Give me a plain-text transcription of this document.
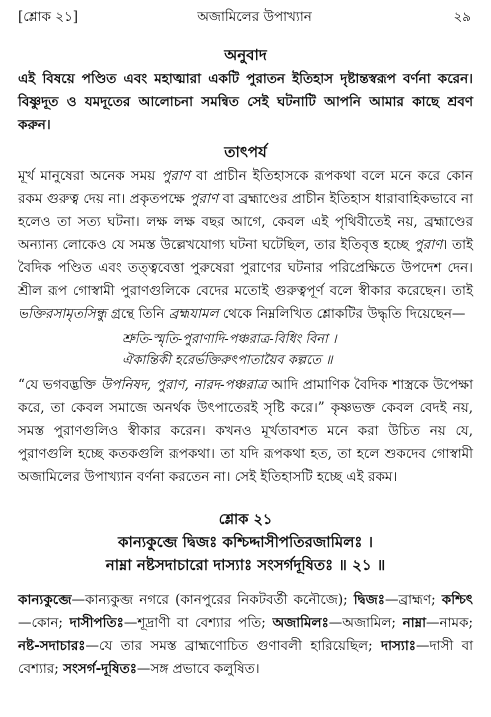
[শ্লোক ২১]	অজামিলের উপাখ্যান	২৯
অনুবাদ

এই বিষয়ে পণ্ডিত এবং মহাত্মারা একটি পুরাতন ইতিহাস দৃষ্টান্তস্বরূপ বর্ণনা করেন। বিষ্ণুদূত ও যমদূতের আলোচনা সমন্বিত সেই ঘটনাটি আপনি আমার কাছে শ্রবণ করুন।

তাৎপর্য

মূর্খ মানুষেরা অনেক সময় পুরাণ বা প্রাচীন ইতিহাসকে রূপকথা বলে মনে করে কোন রকম গুরুত্ব দেয় না। প্রকৃতপক্ষে পুরাণ বা ব্রহ্মাণ্ডের প্রাচীন ইতিহাস ধারাবাহিকভাবে না হলেও তা সত্য ঘটনা। লক্ষ লক্ষ বছর আগে, কেবল এই পৃথিবীতেই নয়, ব্রহ্মাণ্ডের অন্যান্য লোকেও যে সমস্ত উল্লেখযোগ্য ঘটনা ঘটেছিল, তার ইতিবৃত্ত হচ্ছে পুরাণ। তাই বৈদিক পণ্ডিত এবং তত্ত্ববেত্তা পুরুষেরা পুরাণের ঘটনার পরিপ্রেক্ষিতে উপদেশ দেন। শ্রীল রূপ গোস্বামী পুরাণগুলিকে বেদের মতোই গুরুত্বপূর্ণ বলে স্বীকার করেছেন। তাই ভক্তিরসামৃতসিন্ধু গ্রন্থে তিনি ব্রহ্মযামল থেকে নিম্নলিখিত শ্লোকটির উদ্ধৃতি দিয়েছেন—

শ্রুতি-স্মৃতি-পুরাণাদি-পঞ্চরাত্র-বিধিং বিনা ।
ঐকান্তিকী হরের্ভক্তিরুৎপাতায়ৈব কল্পতে ॥

“যে ভগবদ্ভক্তি উপনিষদ, পুরাণ, নারদ-পঞ্চরাত্র আদি প্রামাণিক বৈদিক শাস্ত্রকে উপেক্ষা করে, তা কেবল সমাজে অনর্থক উৎপাতেরই সৃষ্টি করে।” কৃষ্ণভক্ত কেবল বেদই নয়, সমস্ত পুরাণগুলিও স্বীকার করেন। কখনও মূর্খতাবশত মনে করা উচিত নয় যে, পুরাণগুলি হচ্ছে কতকগুলি রূপকথা। তা যদি রূপকথা হত, তা হলে শুকদেব গোস্বামী অজামিলের উপাখ্যান বর্ণনা করতেন না। সেই ইতিহাসটি হচ্ছে এই রকম।

শ্লোক ২১
কান্যকুব্জে দ্বিজঃ কশ্চিদ্দাসীপতিরজামিলঃ ।
নাম্না নষ্টসদাচারো দাস্যাঃ সংসর্গদূষিতঃ ॥ ২১ ॥
কান্যকুব্জে—কান্যকুব্জ নগরে (কানপুরের নিকটবর্তী কনৌজে); দ্বিজঃ—ব্রাহ্মণ; কশ্চিৎ—কোন; দাসীপতিঃ—শূদ্রাণী বা বেশ্যার পতি; অজামিলঃ—অজামিল; নাম্না—নামক; নষ্ট-সদাচারঃ—যে তার সমস্ত ব্রাহ্মণোচিত গুণাবলী হারিয়েছিল; দাস্যাঃ—দাসী বা বেশ্যার; সংসর্গ-দূষিতঃ—সঙ্গ প্রভাবে কলুষিত।
